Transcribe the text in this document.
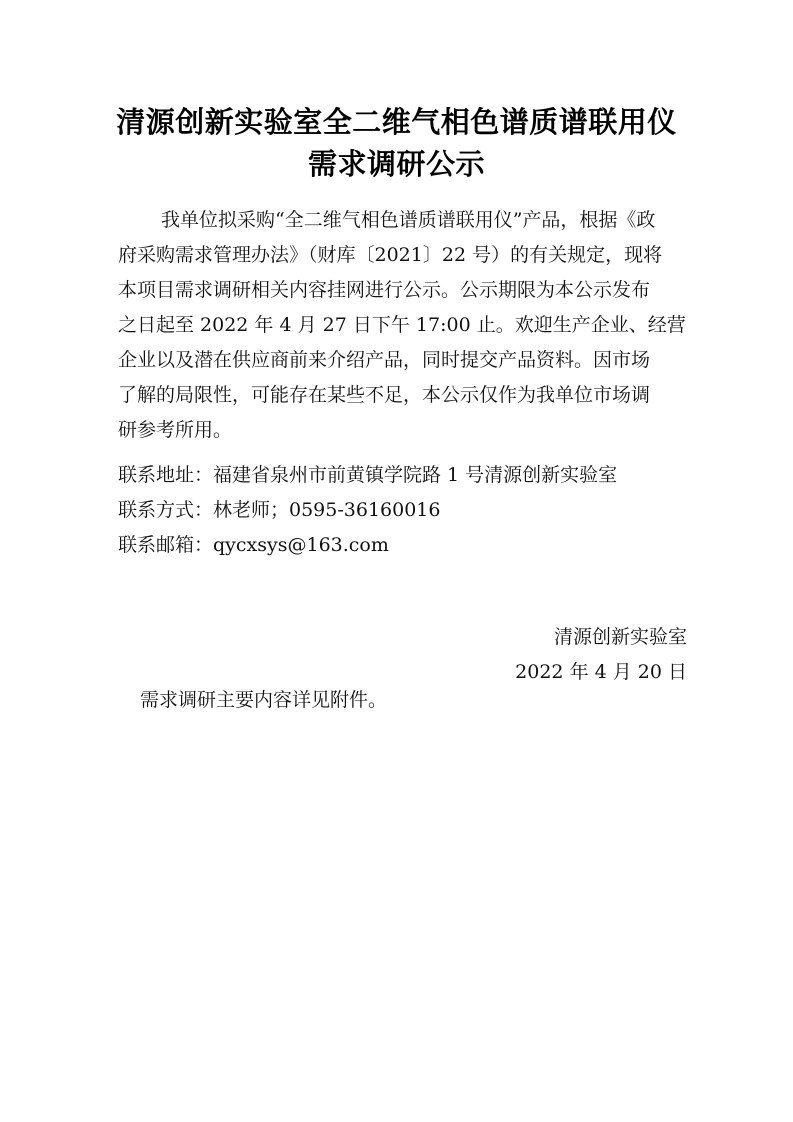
清源创新实验室全二维气相色谱质谱联用仪
需求调研公示
我单位拟采购“全二维气相色谱质谱联用仪”产品，根据《政
府采购需求管理办法》（财库〔2021〕22 号）的有关规定，现将
本项目需求调研相关内容挂网进行公示。公示期限为本公示发布
之日起至 2022 年 4 月 27 日下午 17:00 止。欢迎生产企业、经营
企业以及潜在供应商前来介绍产品，同时提交产品资料。因市场
了解的局限性，可能存在某些不足，本公示仅作为我单位市场调
研参考所用。
联系地址：福建省泉州市前黄镇学院路 1 号清源创新实验室
联系方式：林老师；0595-36160016
联系邮箱：qycxsys@163.com
清源创新实验室
2022 年 4 月 20 日
需求调研主要内容详见附件。
